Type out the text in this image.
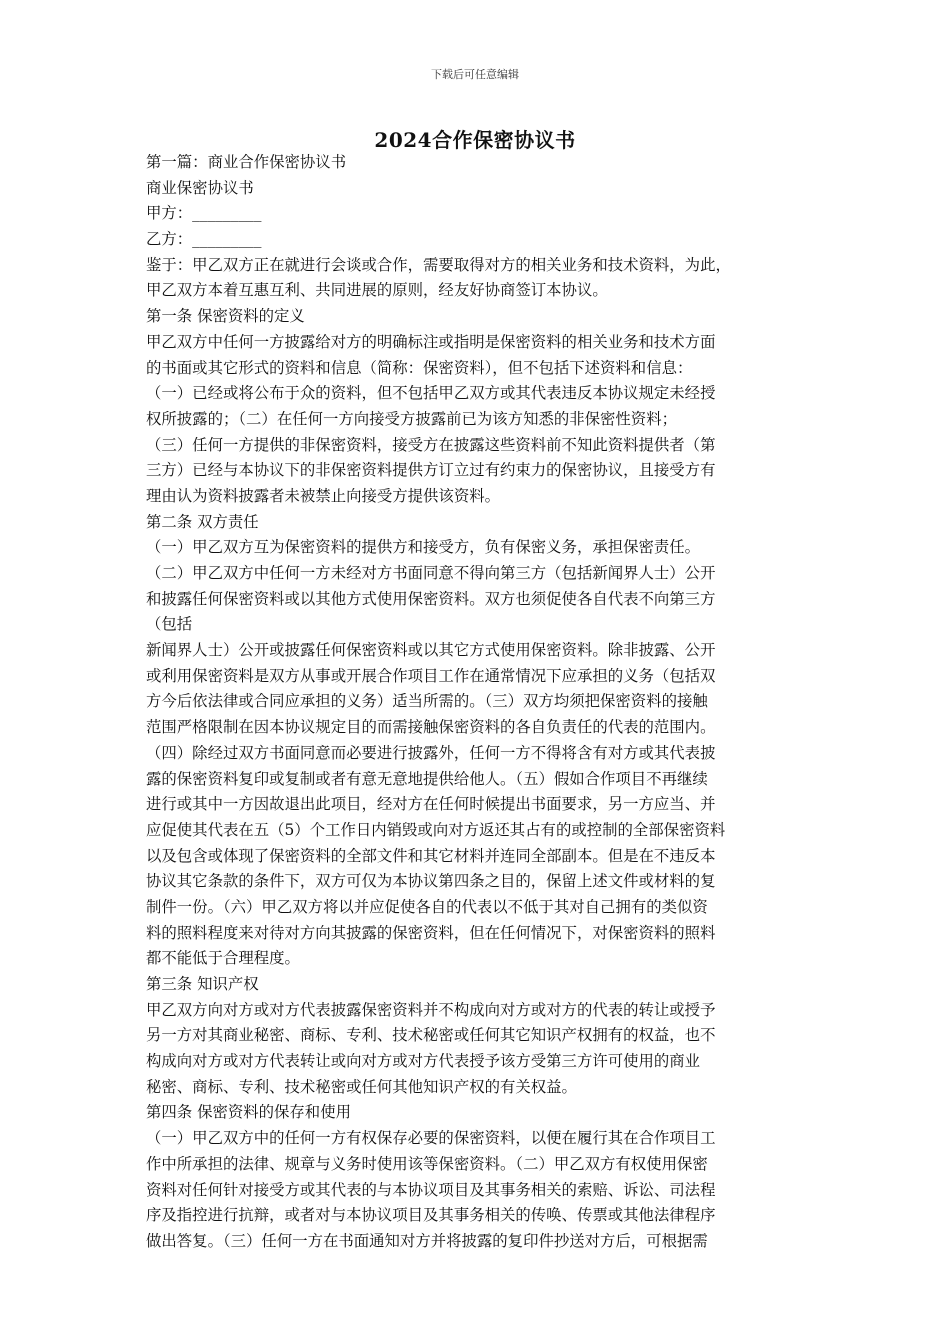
下载后可任意编辑
2024合作保密协议书
第一篇：商业合作保密协议书
商业保密协议书
甲方：_________
乙方：_________
鉴于：甲乙双方正在就进行会谈或合作，需要取得对方的相关业务和技术资料，为此，
甲乙双方本着互惠互利、共同进展的原则，经友好协商签订本协议。
第一条 保密资料的定义
甲乙双方中任何一方披露给对方的明确标注或指明是保密资料的相关业务和技术方面
的书面或其它形式的资料和信息（简称：保密资料），但不包括下述资料和信息：
（一）已经或将公布于众的资料，但不包括甲乙双方或其代表违反本协议规定未经授
权所披露的；（二）在任何一方向接受方披露前已为该方知悉的非保密性资料；
（三）任何一方提供的非保密资料，接受方在披露这些资料前不知此资料提供者（第
三方）已经与本协议下的非保密资料提供方订立过有约束力的保密协议，且接受方有
理由认为资料披露者未被禁止向接受方提供该资料。
第二条 双方责任
（一）甲乙双方互为保密资料的提供方和接受方，负有保密义务，承担保密责任。
（二）甲乙双方中任何一方未经对方书面同意不得向第三方（包括新闻界人士）公开
和披露任何保密资料或以其他方式使用保密资料。双方也须促使各自代表不向第三方
（包括
新闻界人士）公开或披露任何保密资料或以其它方式使用保密资料。除非披露、公开
或利用保密资料是双方从事或开展合作项目工作在通常情况下应承担的义务（包括双
方今后依法律或合同应承担的义务）适当所需的。（三）双方均须把保密资料的接触
范围严格限制在因本协议规定目的而需接触保密资料的各自负责任的代表的范围内。
（四）除经过双方书面同意而必要进行披露外，任何一方不得将含有对方或其代表披
露的保密资料复印或复制或者有意无意地提供给他人。（五）假如合作项目不再继续
进行或其中一方因故退出此项目，经对方在任何时候提出书面要求，另一方应当、并
应促使其代表在五（5）个工作日内销毁或向对方返还其占有的或控制的全部保密资料
以及包含或体现了保密资料的全部文件和其它材料并连同全部副本。但是在不违反本
协议其它条款的条件下，双方可仅为本协议第四条之目的，保留上述文件或材料的复
制件一份。（六）甲乙双方将以并应促使各自的代表以不低于其对自己拥有的类似资
料的照料程度来对待对方向其披露的保密资料，但在任何情况下，对保密资料的照料
都不能低于合理程度。
第三条 知识产权
甲乙双方向对方或对方代表披露保密资料并不构成向对方或对方的代表的转让或授予
另一方对其商业秘密、商标、专利、技术秘密或任何其它知识产权拥有的权益，也不
构成向对方或对方代表转让或向对方或对方代表授予该方受第三方许可使用的商业
秘密、商标、专利、技术秘密或任何其他知识产权的有关权益。
第四条 保密资料的保存和使用
（一）甲乙双方中的任何一方有权保存必要的保密资料，以便在履行其在合作项目工
作中所承担的法律、规章与义务时使用该等保密资料。（二）甲乙双方有权使用保密
资料对任何针对接受方或其代表的与本协议项目及其事务相关的索赔、诉讼、司法程
序及指控进行抗辩，或者对与本协议项目及其事务相关的传唤、传票或其他法律程序
做出答复。（三）任何一方在书面通知对方并将披露的复印件抄送对方后，可根据需
